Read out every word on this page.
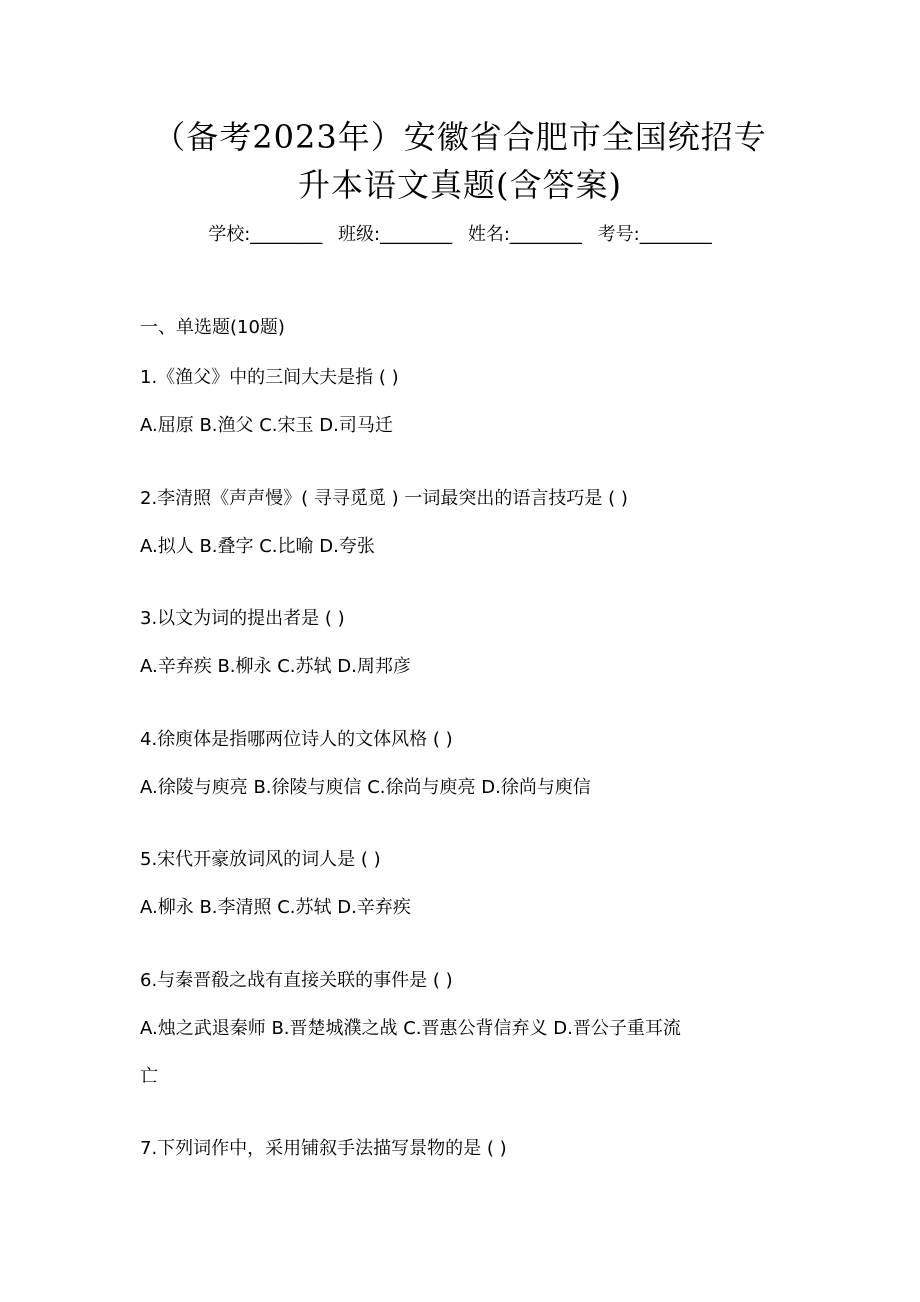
（备考2023年）安徽省合肥市全国统招专
升本语文真题(含答案)
学校:________ 班级:________ 姓名:________ 考号:________
一、单选题(10题)
1.《渔父》中的三间大夫是指 ( )
A.屈原 B.渔父 C.宋玉 D.司马迁
2.李清照《声声慢》( 寻寻觅觅 ) 一词最突出的语言技巧是 ( )
A.拟人 B.叠字 C.比喻 D.夸张
3.以文为词的提出者是 ( )
A.辛弃疾 B.柳永 C.苏轼 D.周邦彦
4.徐庾体是指哪两位诗人的文体风格 ( )
A.徐陵与庾亮 B.徐陵与庾信 C.徐尚与庾亮 D.徐尚与庾信
5.宋代开豪放词风的词人是 ( )
A.柳永 B.李清照 C.苏轼 D.辛弃疾
6.与秦晋殽之战有直接关联的事件是 ( )
A.烛之武退秦师 B.晋楚城濮之战 C.晋惠公背信弃义 D.晋公子重耳流
亡
7.下列词作中，采用铺叙手法描写景物的是 ( )
